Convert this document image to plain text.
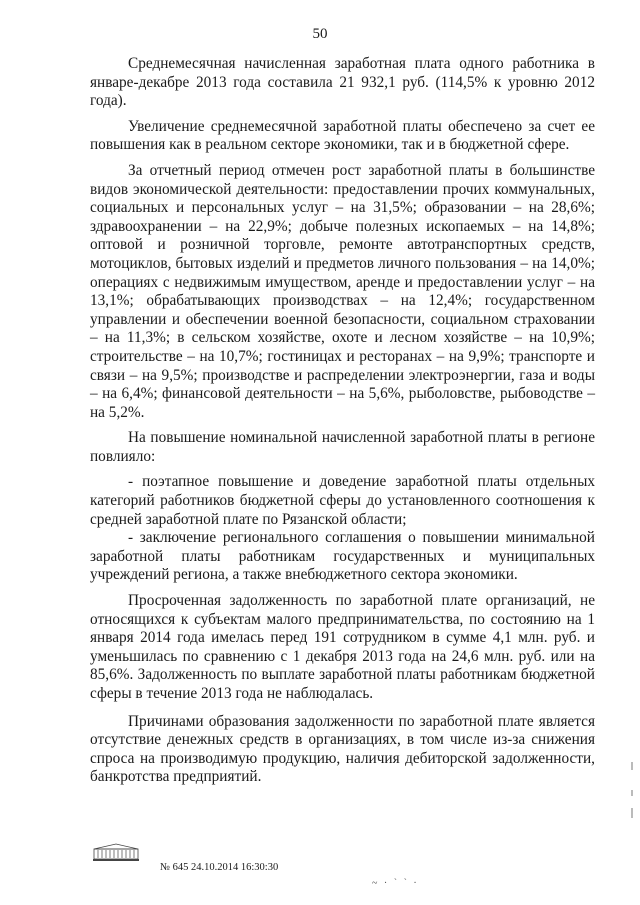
50

Среднемесячная начисленная заработная плата одного работника в январе-декабре 2013 года составила 21 932,1 руб. (114,5% к уровню 2012 года).

Увеличение среднемесячной заработной платы обеспечено за счет ее повышения как в реальном секторе экономики, так и в бюджетной сфере.

За отчетный период отмечен рост заработной платы в большинстве видов экономической деятельности: предоставлении прочих коммунальных, социальных и персональных услуг – на 31,5%; образовании – на 28,6%; здравоохранении – на 22,9%; добыче полезных ископаемых – на 14,8%; оптовой и розничной торговле, ремонте автотранспортных средств, мотоциклов, бытовых изделий и предметов личного пользования – на 14,0%; операциях с недвижимым имуществом, аренде и предоставлении услуг – на 13,1%; обрабатывающих производствах – на 12,4%; государственном управлении и обеспечении военной безопасности, социальном страховании – на 11,3%; в сельском хозяйстве, охоте и лесном хозяйстве – на 10,9%; строительстве – на 10,7%; гостиницах и ресторанах – на 9,9%; транспорте и связи – на 9,5%; производстве и распределении электроэнергии, газа и воды – на 6,4%; финансовой деятельности – на 5,6%, рыболовстве, рыбоводстве – на 5,2%.

На повышение номинальной начисленной заработной платы в регионе повлияло:

- поэтапное повышение и доведение заработной платы отдельных категорий работников бюджетной сферы до установленного соотношения к средней заработной плате по Рязанской области;

- заключение регионального соглашения о повышении минимальной заработной платы работникам государственных и муниципальных учреждений региона, а также внебюджетного сектора экономики.

Просроченная задолженность по заработной плате организаций, не относящихся к субъектам малого предпринимательства, по состоянию на 1 января 2014 года имелась перед 191 сотрудником в сумме 4,1 млн. руб. и уменьшилась по сравнению с 1 декабря 2013 года на 24,6 млн. руб. или на 85,6%. Задолженность по выплате заработной платы работникам бюджетной сферы в течение 2013 года не наблюдалась.

Причинами образования задолженности по заработной плате является отсутствие денежных средств в организациях, в том числе из-за снижения спроса на производимую продукцию, наличия дебиторской задолженности, банкротства предприятий.

№ 645 24.10.2014 16:30:30
~ · ` ` ·
